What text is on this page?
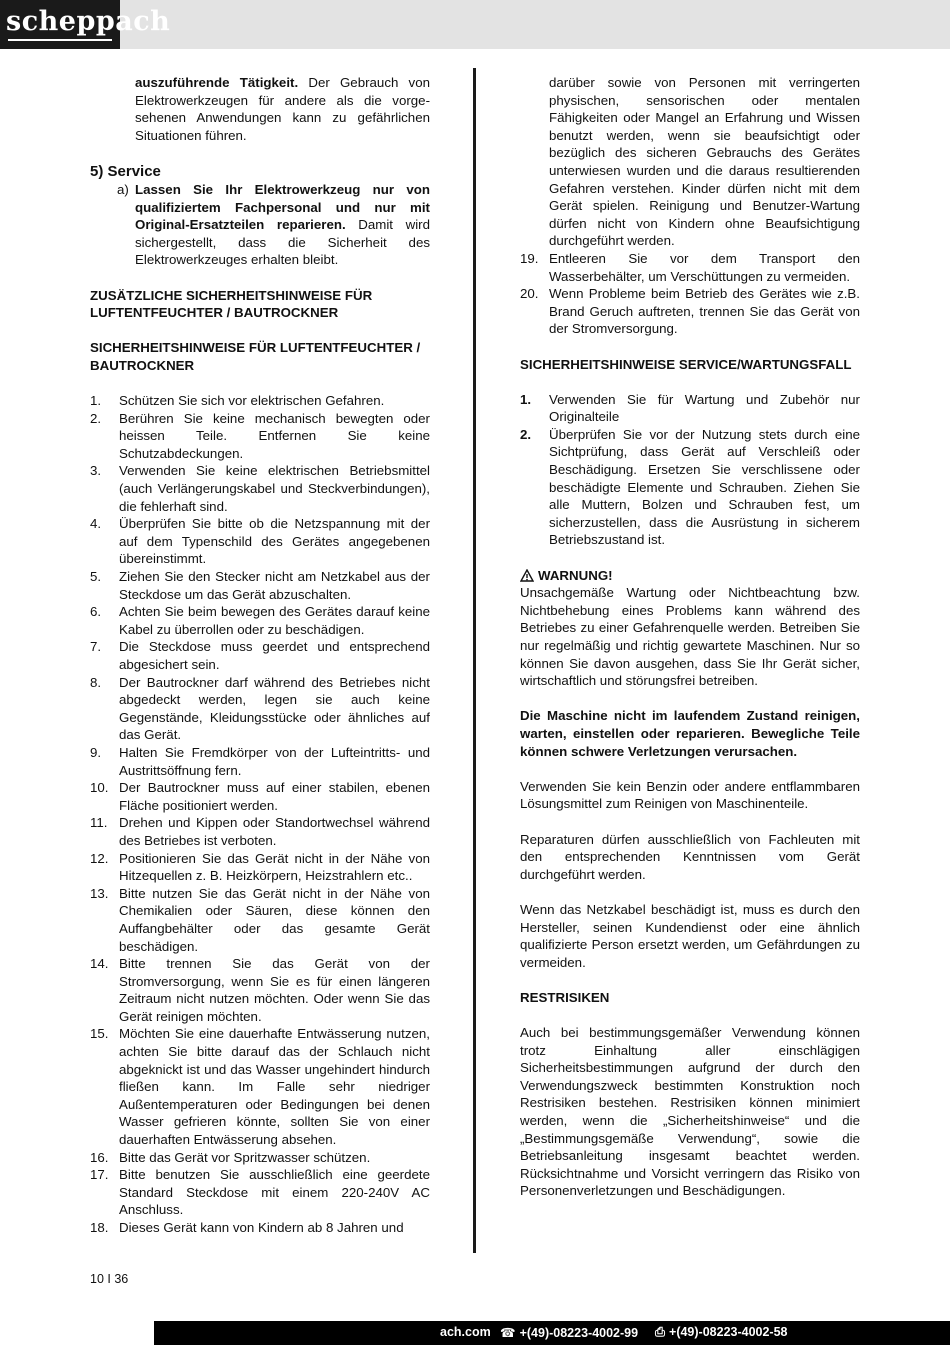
scheppach

auszuführende Tätigkeit. Der Gebrauch von Elektrowerkzeugen für andere als die vorgesehenen Anwendungen kann zu gefährlichen Situationen führen.

5) Service

a) Lassen Sie Ihr Elektrowerkzeug nur von qualifiziertem Fachpersonal und nur mit Original-Ersatzteilen reparieren. Damit wird sichergestellt, dass die Sicherheit des Elektrowerkzeuges erhalten bleibt.

ZUSÄTZLICHE SICHERHEITSHINWEISE FÜR LUFTENTFEUCHTER / BAUTROCKNER

SICHERHEITSHINWEISE FÜR LUFTENTFEUCHTER / BAUTROCKNER

1.	Schützen Sie sich vor elektrischen Gefahren.
2.	Berühren Sie keine mechanisch bewegten oder heissen Teile. Entfernen Sie keine Schutzabdeckungen.
3.	Verwenden Sie keine elektrischen Betriebsmittel (auch Verlängerungskabel und Steckverbindungen), die fehlerhaft sind.
4.	Überprüfen Sie bitte ob die Netzspannung mit der auf dem Typenschild des Gerätes angegebenen übereinstimmt.
5.	Ziehen Sie den Stecker nicht am Netzkabel aus der Steckdose um das Gerät abzuschalten.
6.	Achten Sie beim bewegen des Gerätes darauf keine Kabel zu überrollen oder zu beschädigen.
7.	Die Steckdose muss geerdet und entsprechend abgesichert sein.
8.	Der Bautrockner darf während des Betriebes nicht abgedeckt werden, legen sie auch keine Gegenstände, Kleidungsstücke oder ähnliches auf das Gerät.
9.	Halten Sie Fremdkörper von der Lufteintritts- und Austrittsöffnung fern.
10. Der Bautrockner muss auf einer stabilen, ebenen Fläche positioniert werden.
11. Drehen und Kippen oder Standortwechsel während des Betriebes ist verboten.
12. Positionieren Sie das Gerät nicht in der Nähe von Hitzequellen z. B. Heizkörpern, Heizstrahlern etc..
13. Bitte nutzen Sie das Gerät nicht in der Nähe von Chemikalien oder Säuren, diese können den Auffangbehälter oder das gesamte Gerät beschädigen.
14. Bitte trennen Sie das Gerät von der Stromversorgung, wenn Sie es für einen längeren Zeitraum nicht nutzen möchten. Oder wenn Sie das Gerät reinigen möchten.
15. Möchten Sie eine dauerhafte Entwässerung nutzen, achten Sie bitte darauf das der Schlauch nicht abgeknickt ist und das Wasser ungehindert hindurch fließen kann. Im Falle sehr niedriger Außentemperaturen oder Bedingungen bei denen Wasser gefrieren könnte, sollten Sie von einer dauerhaften Entwässerung absehen.
16. Bitte das Gerät vor Spritzwasser schützen.
17. Bitte benutzen Sie ausschließlich eine geerdete Standard Steckdose mit einem 220-240V AC Anschluss.
18. Dieses Gerät kann von Kindern ab 8 Jahren und

darüber sowie von Personen mit verringerten physischen, sensorischen oder mentalen Fähigkeiten oder Mangel an Erfahrung und Wissen benutzt werden, wenn sie beaufsichtigt oder bezüglich des sicheren Gebrauchs des Gerätes unterwiesen wurden und die daraus resultierenden Gefahren verstehen. Kinder dürfen nicht mit dem Gerät spielen. Reinigung und Benutzer-Wartung dürfen nicht von Kindern ohne Beaufsichtigung durchgeführt werden.

19. Entleeren Sie vor dem Transport den Wasserbehälter, um Verschüttungen zu vermeiden.
20. Wenn Probleme beim Betrieb des Gerätes wie z.B. Brand Geruch auftreten, trennen Sie das Gerät von der Stromversorgung.

SICHERHEITSHINWEISE SERVICE/WARTUNGSFALL

1.	Verwenden Sie für Wartung und Zubehör nur Originalteile
2.	Überprüfen Sie vor der Nutzung stets durch eine Sichtprüfung, dass Gerät auf Verschleiß oder Beschädigung. Ersetzen Sie verschlissene oder beschädigte Elemente und Schrauben. Ziehen Sie alle Muttern, Bolzen und Schrauben fest, um sicherzustellen, dass die Ausrüstung in sicherem Betriebszustand ist.
WARNUNG!

Unsachgemäße Wartung oder Nichtbeachtung bzw. Nichtbehebung eines Problems kann während des Betriebes zu einer Gefahrenquelle werden. Betreiben Sie nur regelmäßig und richtig gewartete Maschinen. Nur so können Sie davon ausgehen, dass Sie Ihr Gerät sicher, wirtschaftlich und störungsfrei betreiben.

Die Maschine nicht im laufendem Zustand reinigen, warten, einstellen oder reparieren. Bewegliche Teile können schwere Verletzungen verursachen.

Verwenden Sie kein Benzin oder andere entflammbaren Lösungsmittel zum Reinigen von Maschinenteile.

Reparaturen dürfen ausschließlich von Fachleuten mit den entsprechenden Kenntnissen vom Gerät durchgeführt werden.

Wenn das Netzkabel beschädigt ist, muss es durch den Hersteller, seinen Kundendienst oder eine ähnlich qualifizierte Person ersetzt werden, um Gefährdungen zu vermeiden.

RESTRISIKEN

Auch bei bestimmungsgemäßer Verwendung können trotz Einhaltung aller einschlägigen Sicherheitsbestimmungen aufgrund der durch den Verwendungszweck bestimmten Konstruktion noch Restrisiken bestehen. Restrisiken können minimiert werden, wenn die „Sicherheitshinweise“ und die „Bestimmungsgemäße Verwendung“, sowie die Betriebsanleitung insgesamt beachtet werden. Rücksichtnahme und Vorsicht verringern das Risiko von Personenverletzungen und Beschädigungen.

10 I 36
ach.com ☎ +(49)-08223-4002-99 ⎙ +(49)-08223-4002-58
